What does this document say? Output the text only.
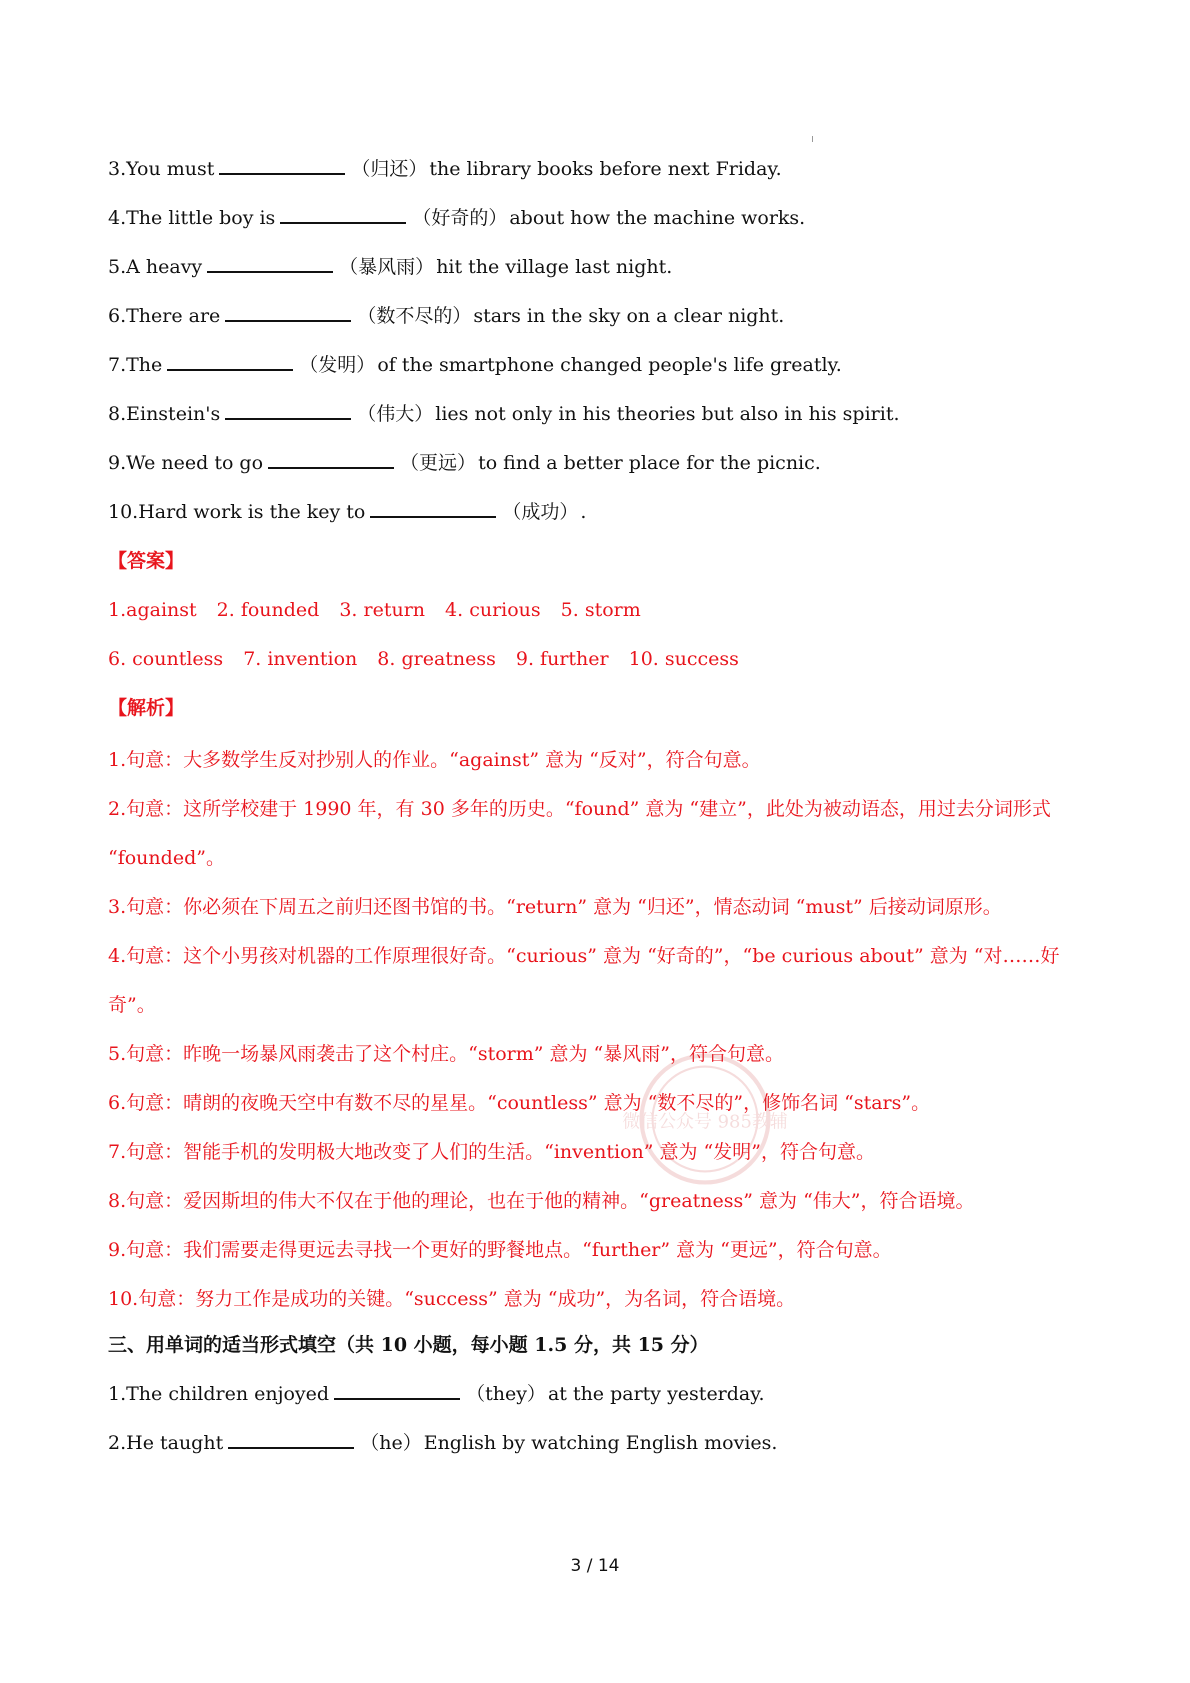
3.You must	（归还） the library books before next Friday.
4.The little boy is	（好奇的） about how the machine works.
5.A heavy	（暴风雨） hit the village last night.
6.There are	（数不尽的） stars in the sky on a clear night.
7.The	（发明） of the smartphone changed people's life greatly.
8.Einstein's	（伟大） lies not only in his theories but also in his spirit.
9.We need to go	（更远） to find a better place for the picnic.
10.Hard work is the key to	（成功） .
【答案】
1.against 2. founded 3. return 4. curious 5. storm
6. countless 7. invention 8. greatness 9. further 10. success
【解析】
1.句意：大多数学生反对抄别人的作业。“against” 意为 “反对”，符合句意。
2.句意：这所学校建于 1990 年，有 30 多年的历史。“found” 意为 “建立”，此处为被动语态，用过去分词形式 “founded”。
3.句意：你必须在下周五之前归还图书馆的书。“return” 意为 “归还”，情态动词 “must” 后接动词原形。
4.句意：这个小男孩对机器的工作原理很好奇。“curious” 意为 “好奇的”，“be curious about” 意为 “对……好奇”。
5.句意：昨晚一场暴风雨袭击了这个村庄。“storm” 意为 “暴风雨”，符合句意。
6.句意：晴朗的夜晚天空中有数不尽的星星。“countless” 意为 “数不尽的”，修饰名词 “stars”。
7.句意：智能手机的发明极大地改变了人们的生活。“invention” 意为 “发明”，符合句意。
8.句意：爱因斯坦的伟大不仅在于他的理论，也在于他的精神。“greatness” 意为 “伟大”，符合语境。
9.句意：我们需要走得更远去寻找一个更好的野餐地点。“further” 意为 “更远”，符合句意。
10.句意：努力工作是成功的关键。“success” 意为 “成功”，为名词，符合语境。
三、用单词的适当形式填空（共 10 小题，每小题 1.5 分，共 15 分）
1.The children enjoyed	（they） at the party yesterday.
2.He taught	（he） English by watching English movies.
微信公众号 985教辅
3 / 14
